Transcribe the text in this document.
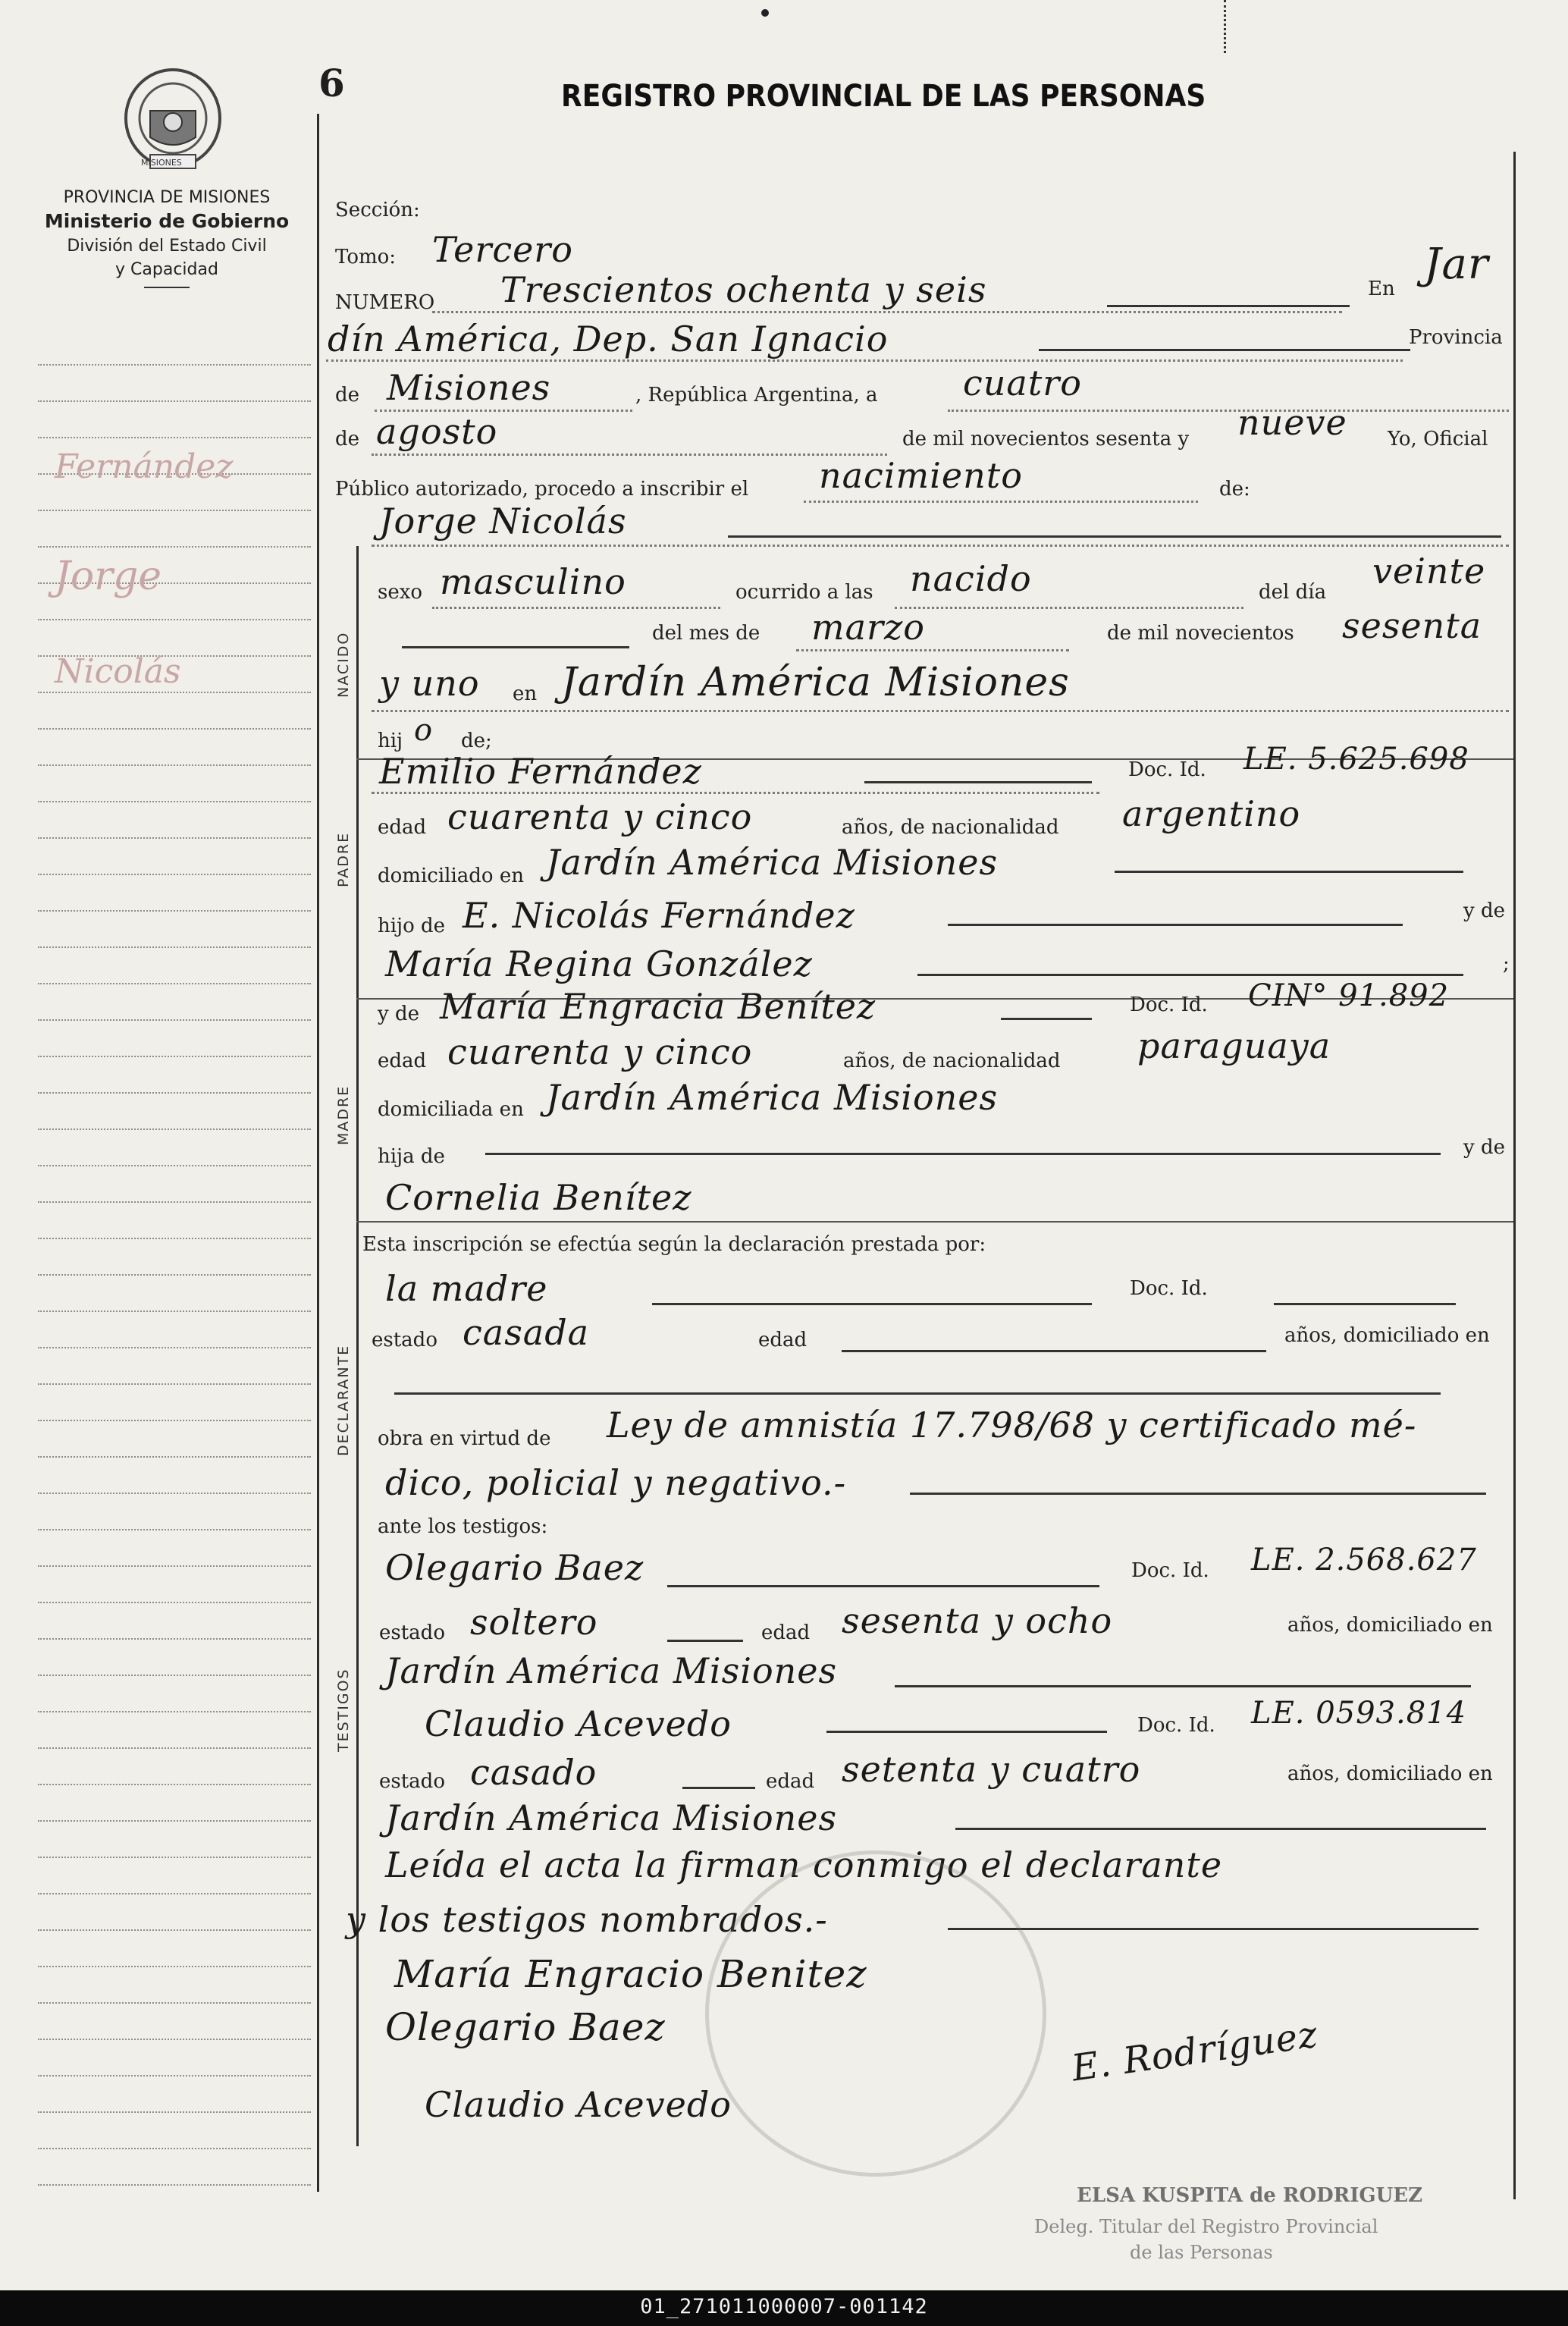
MISIONES
6	REGISTRO PROVINCIAL DE LAS PERSONAS
PROVINCIA DE MISIONES
Ministerio de Gobierno
División del Estado Civil
y Capacidad
Fernández
Jorge
Nicolás	NACIDO
PADRE
MADRE
DECLARANTE
TESTIGOS
Sección:
Tomo: Tercero
NUMERO Trescientos ochenta y seis	En Jar
dín América, Dep. San Ignacio	Provincia
de Misiones	, República Argentina, a cuatro
de agosto	de mil novecientos sesenta y nueve Yo, Oficial
Público autorizado, procedo a inscribir el nacimiento	de:
Jorge Nicolás
sexo masculino	ocurrido a las nacido	del día
veinte
del mes de marzo	de mil novecientos sesenta
y uno en Jardín América Misiones
hij o de;
Emilio Fernández	Doc. Id. LE. 5.625.698
edad cuarenta y cinco	años, de nacionalidad argentino
domiciliado en Jardín América Misiones
hijo de E. Nicolás Fernández	y de
María Regina González	;
y de María Engracia Benítez	Doc. Id. CIN° 91.892
edad cuarenta y cinco	años, de nacionalidad paraguaya
domiciliada en Jardín América Misiones
hija de	y de
Cornelia Benítez
Esta inscripción se efectúa según la declaración prestada por:
la madre	Doc. Id.
estado casada	edad	años, domiciliado en
obra en virtud de Ley de amnistía 17.798/68 y certificado mé-
dico, policial y negativo.-
ante los testigos:
Olegario Baez	Doc. Id. LE. 2.568.627
estado soltero	edad sesenta y ocho	años, domiciliado en
Jardín América Misiones
Claudio Acevedo	Doc. Id. LE. 0593.814
estado casado	edad setenta y cuatro	años, domiciliado en
Jardín América Misiones
Leída el acta la firman conmigo el declarante
y los testigos nombrados.-
María Engracio Benitez
Olegario Baez
Claudio Acevedo
E. Rodríguez
ELSA KUSPITA de RODRIGUEZ
Deleg. Titular del Registro Provincial
de las Personas
01_271011000007-001142
